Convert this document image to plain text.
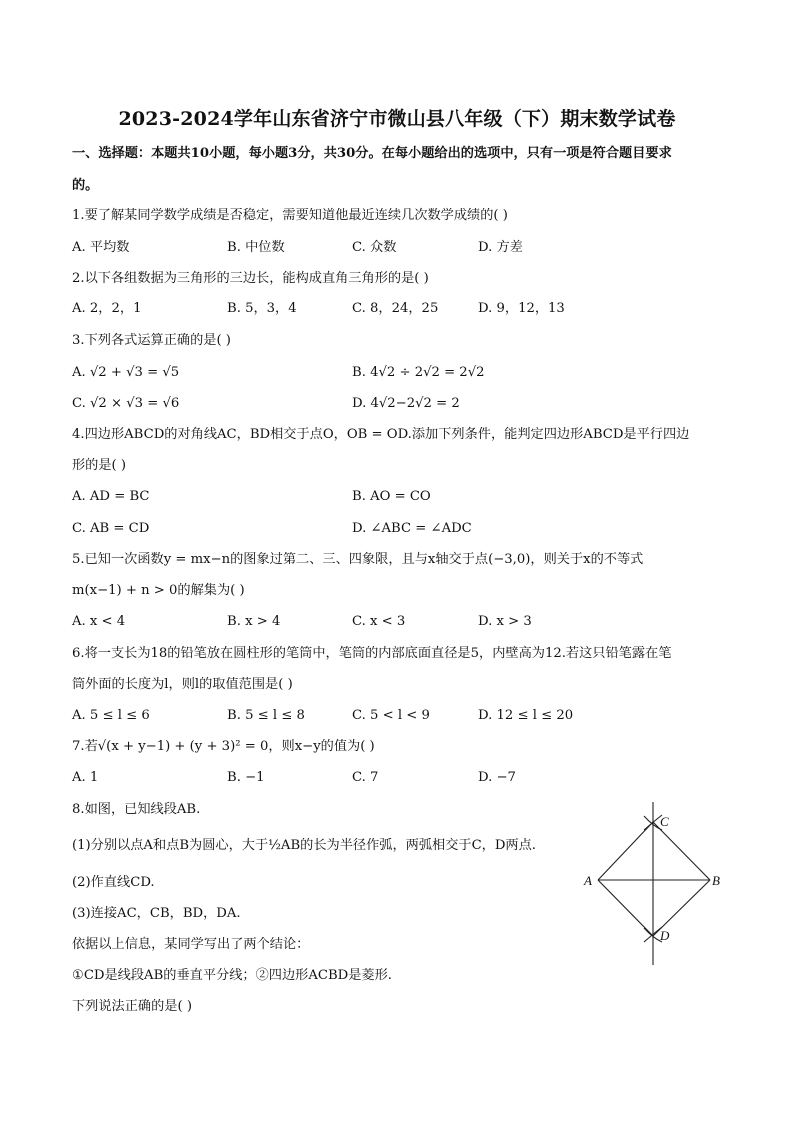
2023-2024学年山东省济宁市微山县八年级（下）期末数学试卷
一、选择题：本题共10小题，每小题3分，共30分。在每小题给出的选项中，只有一项是符合题目要求
的。
1.要了解某同学数学成绩是否稳定，需要知道他最近连续几次数学成绩的( )
A. 平均数	B. 中位数	C. 众数	D. 方差
2.以下各组数据为三角形的三边长，能构成直角三角形的是( )
A. 2，2，1	B. 5，3，4	C. 8，24，25	D. 9，12，13
3.下列各式运算正确的是( )
A. √2 + √3 = √5	B. 4√2 ÷ 2√2 = 2√2
C. √2 × √3 = √6	D. 4√2−2√2 = 2
4.四边形ABCD的对角线AC，BD相交于点O，OB = OD.添加下列条件，能判定四边形ABCD是平行四边
形的是( )
A. AD = BC	B. AO = CO
C. AB = CD	D. ∠ABC = ∠ADC
5.已知一次函数y = mx−n的图象过第二、三、四象限，且与x轴交于点(−3,0)，则关于x的不等式
m(x−1) + n > 0的解集为( )
A. x < 4	B. x > 4	C. x < 3	D. x > 3
6.将一支长为18的铅笔放在圆柱形的笔筒中，笔筒的内部底面直径是5，内壁高为12.若这只铅笔露在笔
筒外面的长度为l，则l的取值范围是( )
A. 5 ≤ l ≤ 6	B. 5 ≤ l ≤ 8	C. 5 < l < 9	D. 12 ≤ l ≤ 20
7.若√(x + y−1) + (y + 3)² = 0，则x−y的值为( )
A. 1	B. −1	C. 7	D. −7
8.如图，已知线段AB.
(1)分别以点A和点B为圆心，大于½AB的长为半径作弧，两弧相交于C，D两点.
(2)作直线CD.
(3)连接AC，CB，BD，DA.
依据以上信息，某同学写出了两个结论：
①CD是线段AB的垂直平分线；②四边形ACBD是菱形.
下列说法正确的是( )
C
A	B
D
